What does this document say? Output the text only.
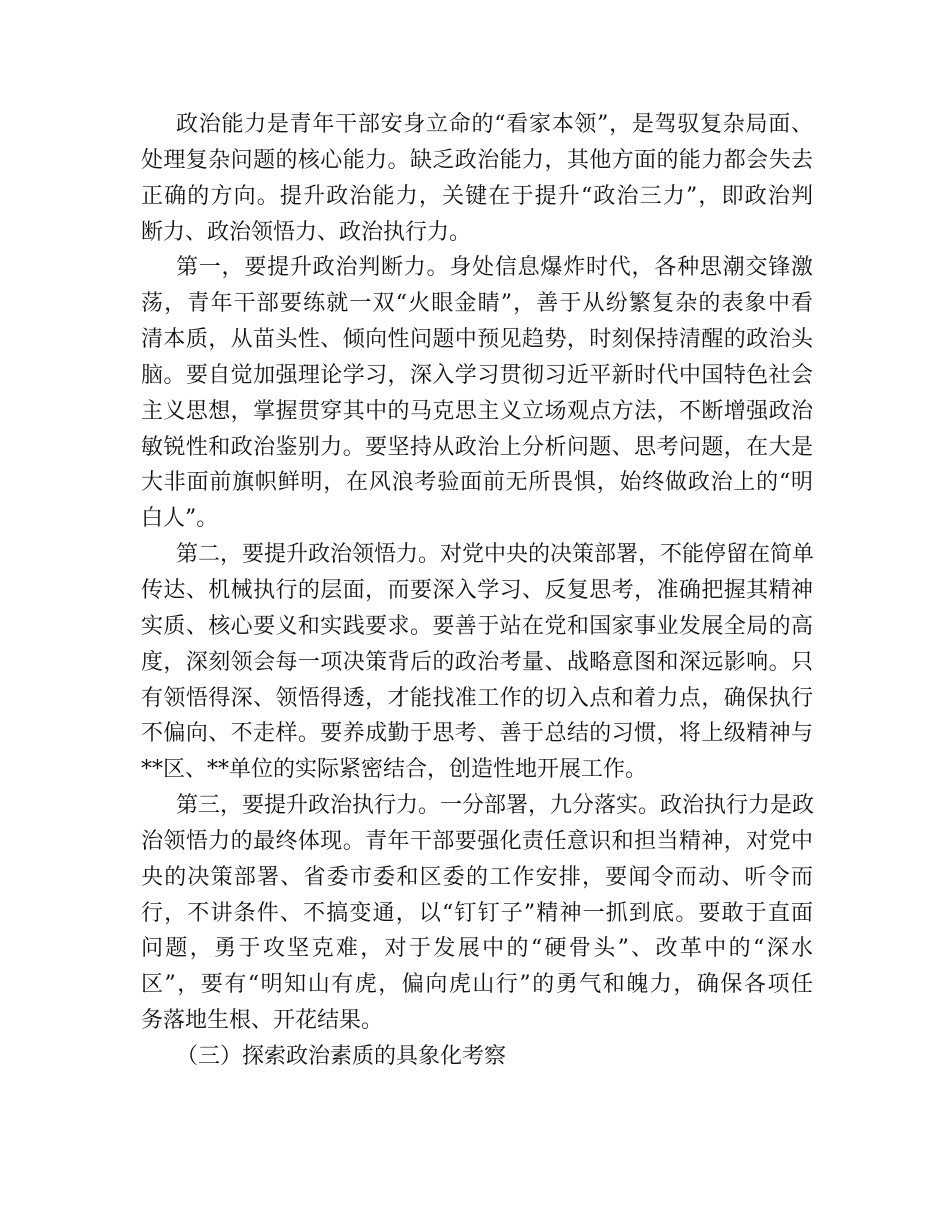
政治能力是青年干部安身立命的“看家本领”，是驾驭复杂局面、
处理复杂问题的核心能力。缺乏政治能力，其他方面的能力都会失去
正确的方向。提升政治能力，关键在于提升“政治三力”，即政治判
断力、政治领悟力、政治执行力。
第一，要提升政治判断力。身处信息爆炸时代，各种思潮交锋激
荡，青年干部要练就一双“火眼金睛”，善于从纷繁复杂的表象中看
清本质，从苗头性、倾向性问题中预见趋势，时刻保持清醒的政治头
脑。要自觉加强理论学习，深入学习贯彻习近平新时代中国特色社会
主义思想，掌握贯穿其中的马克思主义立场观点方法，不断增强政治
敏锐性和政治鉴别力。要坚持从政治上分析问题、思考问题，在大是
大非面前旗帜鲜明，在风浪考验面前无所畏惧，始终做政治上的“明
白人”。
第二，要提升政治领悟力。对党中央的决策部署，不能停留在简单
传达、机械执行的层面，而要深入学习、反复思考，准确把握其精神
实质、核心要义和实践要求。要善于站在党和国家事业发展全局的高
度，深刻领会每一项决策背后的政治考量、战略意图和深远影响。只
有领悟得深、领悟得透，才能找准工作的切入点和着力点，确保执行
不偏向、不走样。要养成勤于思考、善于总结的习惯，将上级精神与
**区、**单位的实际紧密结合，创造性地开展工作。
第三，要提升政治执行力。一分部署，九分落实。政治执行力是政
治领悟力的最终体现。青年干部要强化责任意识和担当精神，对党中
央的决策部署、省委市委和区委的工作安排，要闻令而动、听令而
行，不讲条件、不搞变通，以“钉钉子”精神一抓到底。要敢于直面
问题，勇于攻坚克难，对于发展中的“硬骨头”、改革中的“深水
区”，要有“明知山有虎，偏向虎山行”的勇气和魄力，确保各项任
务落地生根、开花结果。
（三）探索政治素质的具象化考察
